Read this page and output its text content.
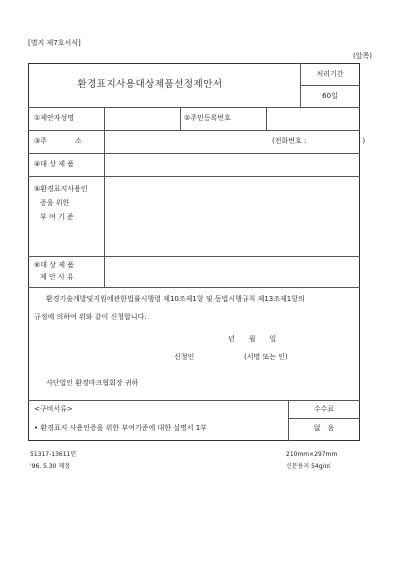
[별지 제7호서식]
(앞쪽)
환경표지사용대상제품선정제안서
처리기간
60일
①제안자성명	②주민등록번호
③주　　　　소	(전화번호 :　　　　　　　　)
④대 상 제 품
⑤환경표지사용인
증을 위한
부 여 기 준
⑥대 상 제 품
제 안 사 유
환경기술개발및지원에관한법률시행령 제10조제1항 및 동법시행규칙 제13조제1항의
규정에 의하여 위와 같이 신청합니다.
년　　월　　일
신청인	(서명 또는 인)
사단법인 환경마크협회장 귀하
<구비서류>
• 환경표지 사용인증을 위한 부여기준에 대한 설명서 1부
수수료
없　음
51317-13611민
'96. 5.30 제정
210mm×297mm
신문용지 54g/㎡
